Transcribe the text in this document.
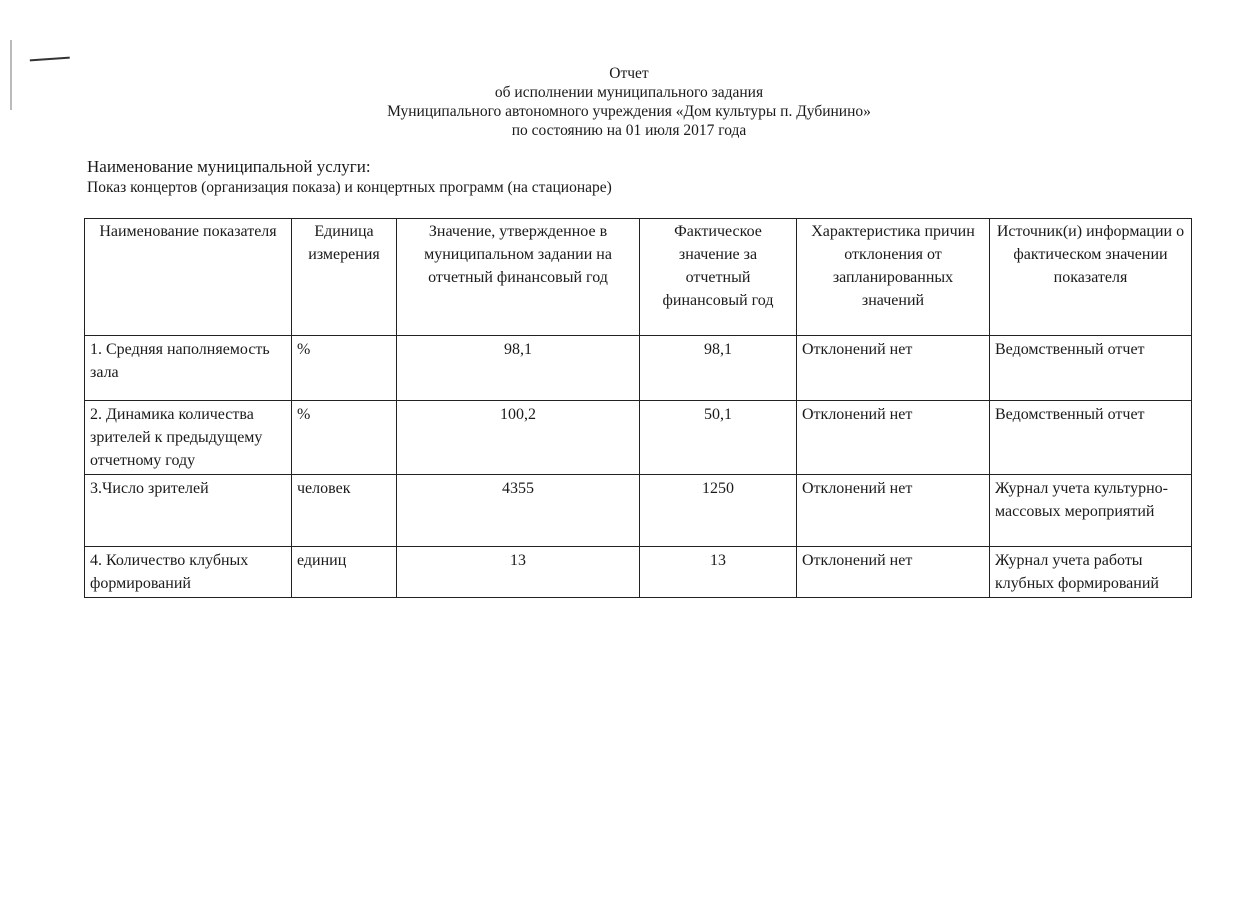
Отчет
об исполнении муниципального задания
Муниципального автономного учреждения «Дом культуры п. Дубинино»
по состоянию на 01 июля 2017 года
Наименование муниципальной услуги:
Показ концертов (организация показа) и концертных программ (на стационаре)
Наименование показателя	Единица измерения	Значение, утвержденное в муниципальном задании на отчетный финансовый год	Фактическое значение за отчетный финансовый год	Характеристика причин отклонения от запланированных значений	Источник(и) информации о фактическом значении показателя
1. Средняя наполняемость зала	%	98,1	98,1	Отклонений нет	Ведомственный отчет
2. Динамика количества зрителей к предыдущему отчетному году	%	100,2	50,1	Отклонений нет	Ведомственный отчет
3.Число зрителей	человек	4355	1250	Отклонений нет	Журнал учета культурно-массовых мероприятий
4. Количество клубных формирований	единиц	13	13	Отклонений нет	Журнал учета работы клубных формирований
